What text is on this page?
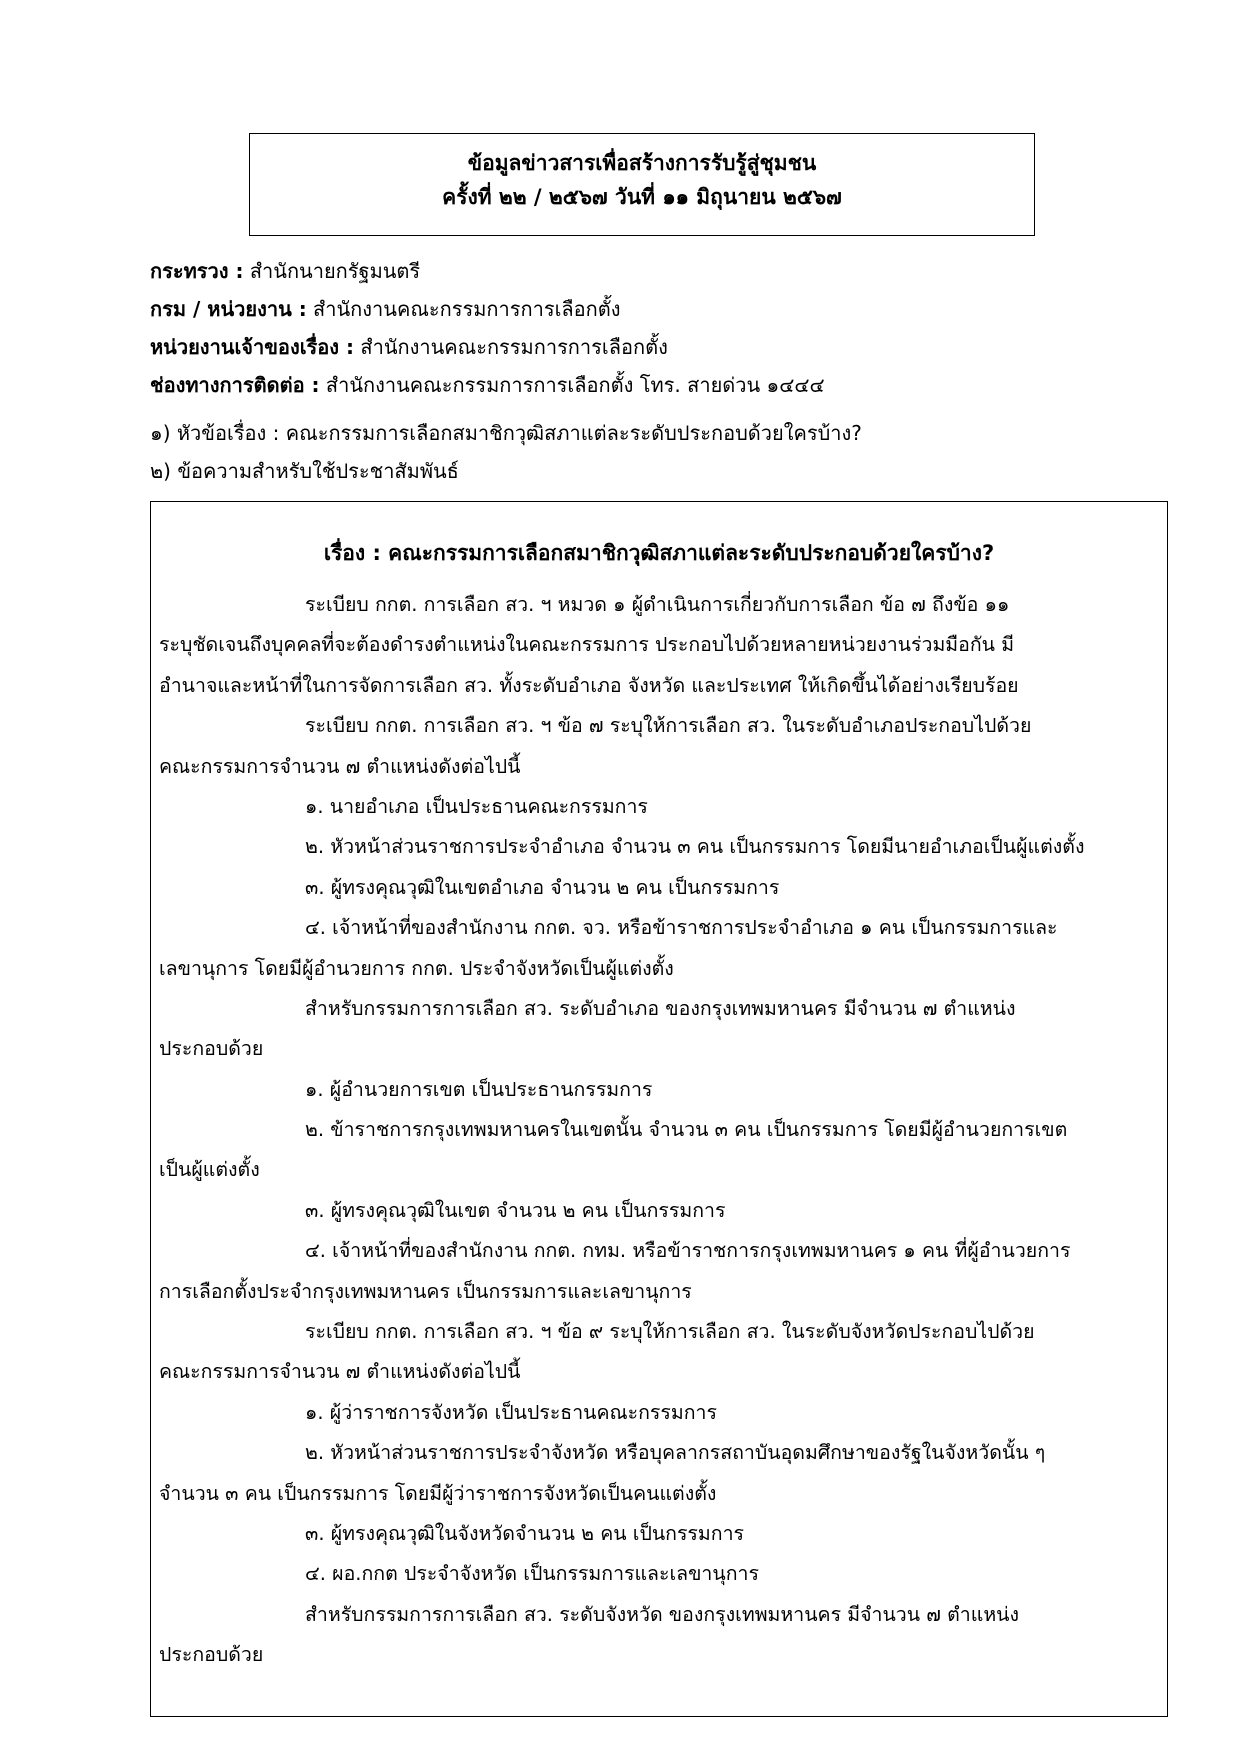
ข้อมูลข่าวสารเพื่อสร้างการรับรู้สู่ชุมชน
ครั้งที่ ๒๒ / ๒๕๖๗ วันที่ ๑๑ มิถุนายน ๒๕๖๗
กระทรวง : สำนักนายกรัฐมนตรี
กรม / หน่วยงาน : สำนักงานคณะกรรมการการเลือกตั้ง
หน่วยงานเจ้าของเรื่อง : สำนักงานคณะกรรมการการเลือกตั้ง
ช่องทางการติดต่อ : สำนักงานคณะกรรมการการเลือกตั้ง โทร. สายด่วน ๑๔๔๔
๑) หัวข้อเรื่อง : คณะกรรมการเลือกสมาชิกวุฒิสภาแต่ละระดับประกอบด้วยใครบ้าง?
๒) ข้อความสำหรับใช้ประชาสัมพันธ์
เรื่อง : คณะกรรมการเลือกสมาชิกวุฒิสภาแต่ละระดับประกอบด้วยใครบ้าง?
ระเบียบ กกต. การเลือก สว. ฯ หมวด ๑ ผู้ดำเนินการเกี่ยวกับการเลือก ข้อ ๗ ถึงข้อ ๑๑
ระบุชัดเจนถึงบุคคลที่จะต้องดำรงตำแหน่งในคณะกรรมการ ประกอบไปด้วยหลายหน่วยงานร่วมมือกัน มี
อำนาจและหน้าที่ในการจัดการเลือก สว. ทั้งระดับอำเภอ จังหวัด และประเทศ ให้เกิดขึ้นได้อย่างเรียบร้อย
ระเบียบ กกต. การเลือก สว. ฯ ข้อ ๗ ระบุให้การเลือก สว. ในระดับอำเภอประกอบไปด้วย
คณะกรรมการจำนวน ๗ ตำแหน่งดังต่อไปนี้
๑. นายอำเภอ เป็นประธานคณะกรรมการ
๒. หัวหน้าส่วนราชการประจำอำเภอ จำนวน ๓ คน เป็นกรรมการ โดยมีนายอำเภอเป็นผู้แต่งตั้ง
๓. ผู้ทรงคุณวุฒิในเขตอำเภอ จำนวน ๒ คน เป็นกรรมการ
๔. เจ้าหน้าที่ของสำนักงาน กกต. จว. หรือข้าราชการประจำอำเภอ ๑ คน เป็นกรรมการและ
เลขานุการ โดยมีผู้อำนวยการ กกต. ประจำจังหวัดเป็นผู้แต่งตั้ง
สำหรับกรรมการการเลือก สว. ระดับอำเภอ ของกรุงเทพมหานคร มีจำนวน ๗ ตำแหน่ง
ประกอบด้วย
๑. ผู้อำนวยการเขต เป็นประธานกรรมการ
๒. ข้าราชการกรุงเทพมหานครในเขตนั้น จำนวน ๓ คน เป็นกรรมการ โดยมีผู้อำนวยการเขต
เป็นผู้แต่งตั้ง
๓. ผู้ทรงคุณวุฒิในเขต จำนวน ๒ คน เป็นกรรมการ
๔. เจ้าหน้าที่ของสำนักงาน กกต. กทม. หรือข้าราชการกรุงเทพมหานคร ๑ คน ที่ผู้อำนวยการ
การเลือกตั้งประจำกรุงเทพมหานคร เป็นกรรมการและเลขานุการ
ระเบียบ กกต. การเลือก สว. ฯ ข้อ ๙ ระบุให้การเลือก สว. ในระดับจังหวัดประกอบไปด้วย
คณะกรรมการจำนวน ๗ ตำแหน่งดังต่อไปนี้
๑. ผู้ว่าราชการจังหวัด เป็นประธานคณะกรรมการ
๒. หัวหน้าส่วนราชการประจำจังหวัด หรือบุคลากรสถาบันอุดมศึกษาของรัฐในจังหวัดนั้น ๆ
จำนวน ๓ คน เป็นกรรมการ โดยมีผู้ว่าราชการจังหวัดเป็นคนแต่งตั้ง
๓. ผู้ทรงคุณวุฒิในจังหวัดจำนวน ๒ คน เป็นกรรมการ
๔. ผอ.กกต ประจำจังหวัด เป็นกรรมการและเลขานุการ
สำหรับกรรมการการเลือก สว. ระดับจังหวัด ของกรุงเทพมหานคร มีจำนวน ๗ ตำแหน่ง
ประกอบด้วย
